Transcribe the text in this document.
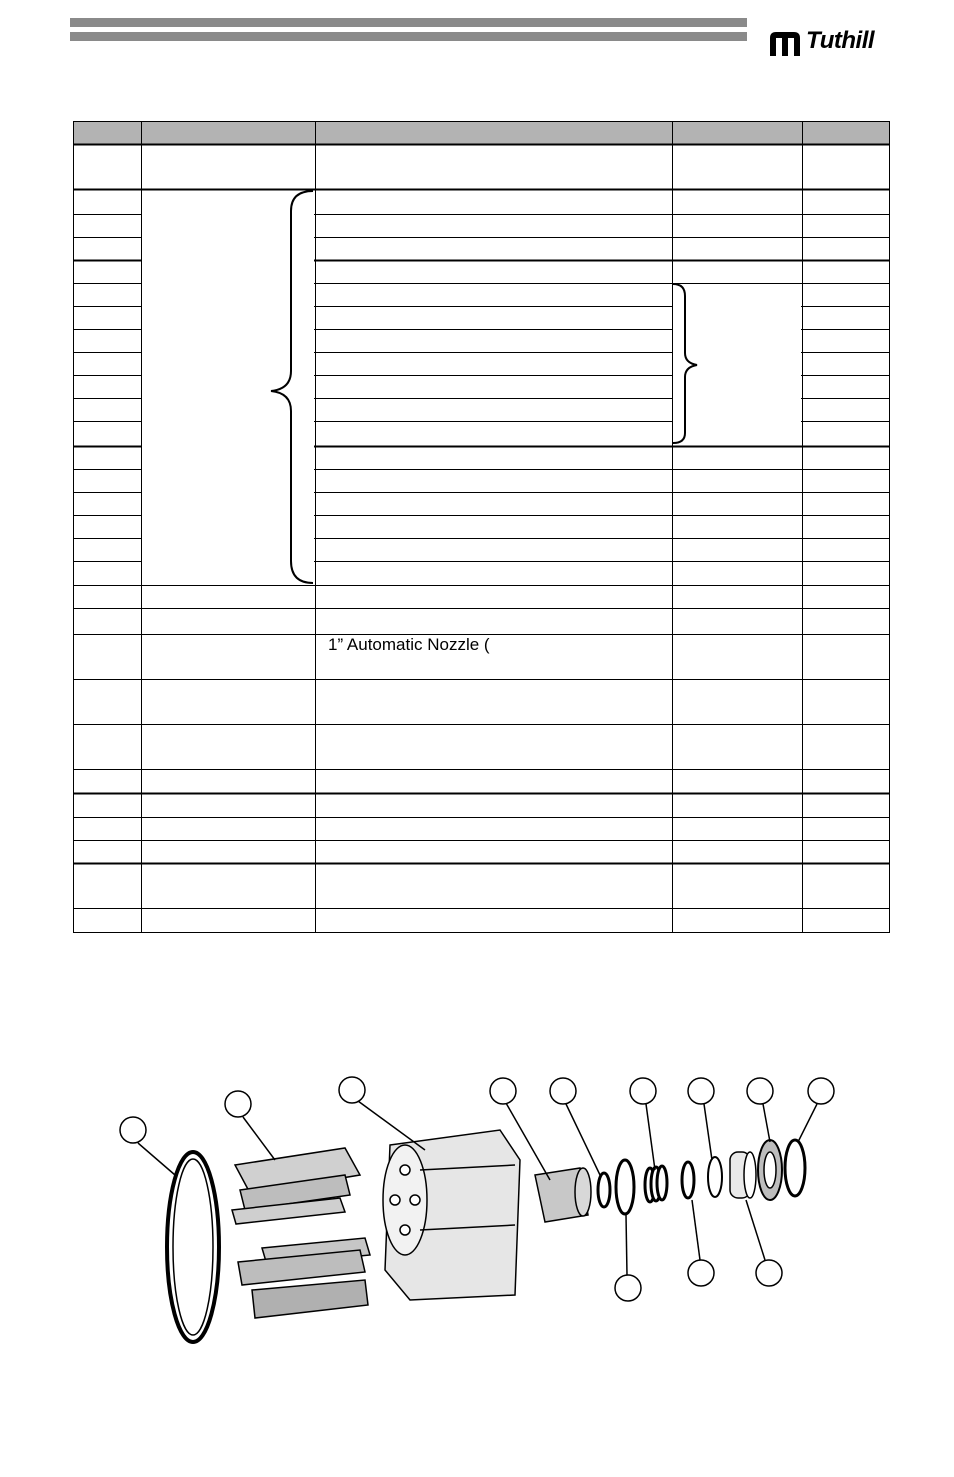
Tuthill
1” Automatic Nozzle (
